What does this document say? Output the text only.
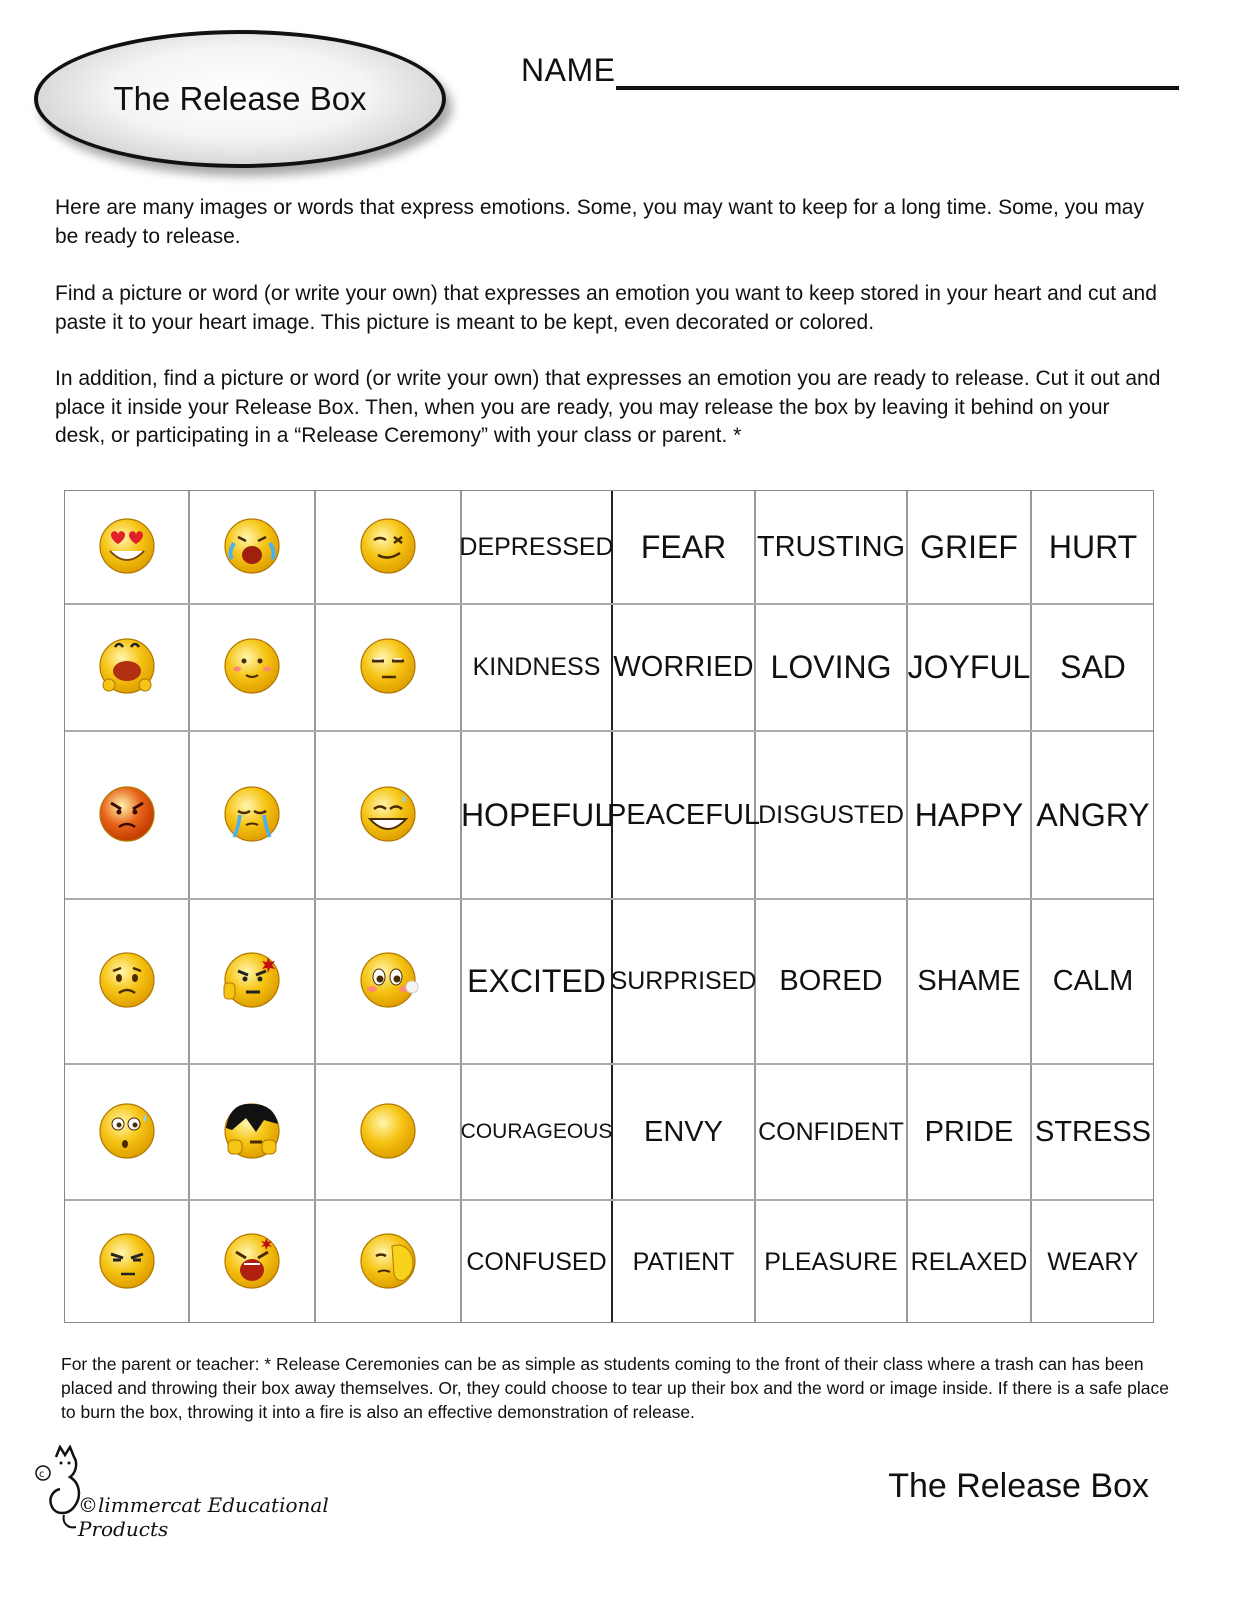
The Release Box
NAME

Here are many images or words that express emotions. Some, you may want to keep for a long time. Some, you may be ready to release.

Find a picture or word (or write your own) that expresses an emotion you want to keep stored in your heart and cut and paste it to your heart image. This picture is meant to be kept, even decorated or colored.

In addition, find a picture or word (or write your own) that expresses an emotion you are ready to release. Cut it out and place it inside your Release Box. Then, when you are ready, you may release the box by leaving it behind on your desk, or participating in a “Release Ceremony” with your class or parent. *

DEPRESSED FEAR TRUSTING GRIEF HURT
KINDNESS WORRIED LOVING JOYFUL SAD
HOPEFUL
PEACEFUL
DISGUSTED HAPPY ANGRY
EXCITED SURPRISED BORED SHAME CALM
COURAGEOUS ENVY CONFIDENT PRIDE STRESS
CONFUSED PATIENT PLEASURE RELAXED WEARY

For the parent or teacher: * Release Ceremonies can be as simple as students coming to the front of their class where a trash can has been placed and throwing their box away themselves. Or, they could choose to tear up their box and the word or image inside. If there is a safe place to burn the box, throwing it into a fire is also an effective demonstration of release.

c
©limmercat Educational Products
The Release Box
